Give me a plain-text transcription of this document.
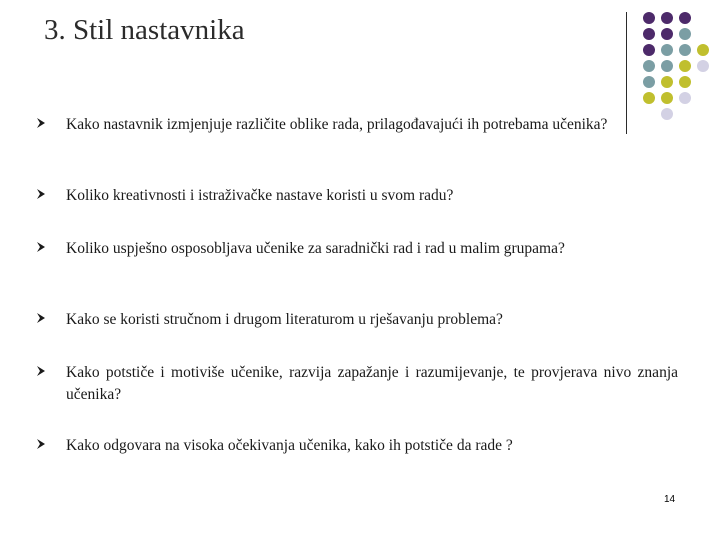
3. Stil nastavnika
Kako nastavnik izmjenjuje različite oblike rada, prilagođavajući ih potrebama učenika?
Koliko kreativnosti i istraživačke nastave koristi u svom radu?
Koliko uspješno osposobljava učenike za saradnički rad i rad u malim grupama?
Kako se koristi stručnom i drugom literaturom u rješavanju problema?
Kako potstiče i motiviše učenike, razvija zapažanje i razumijevanje, te provjerava nivo znanja učenika?
Kako odgovara na visoka očekivanja učenika, kako ih potstiče da rade ?
14
